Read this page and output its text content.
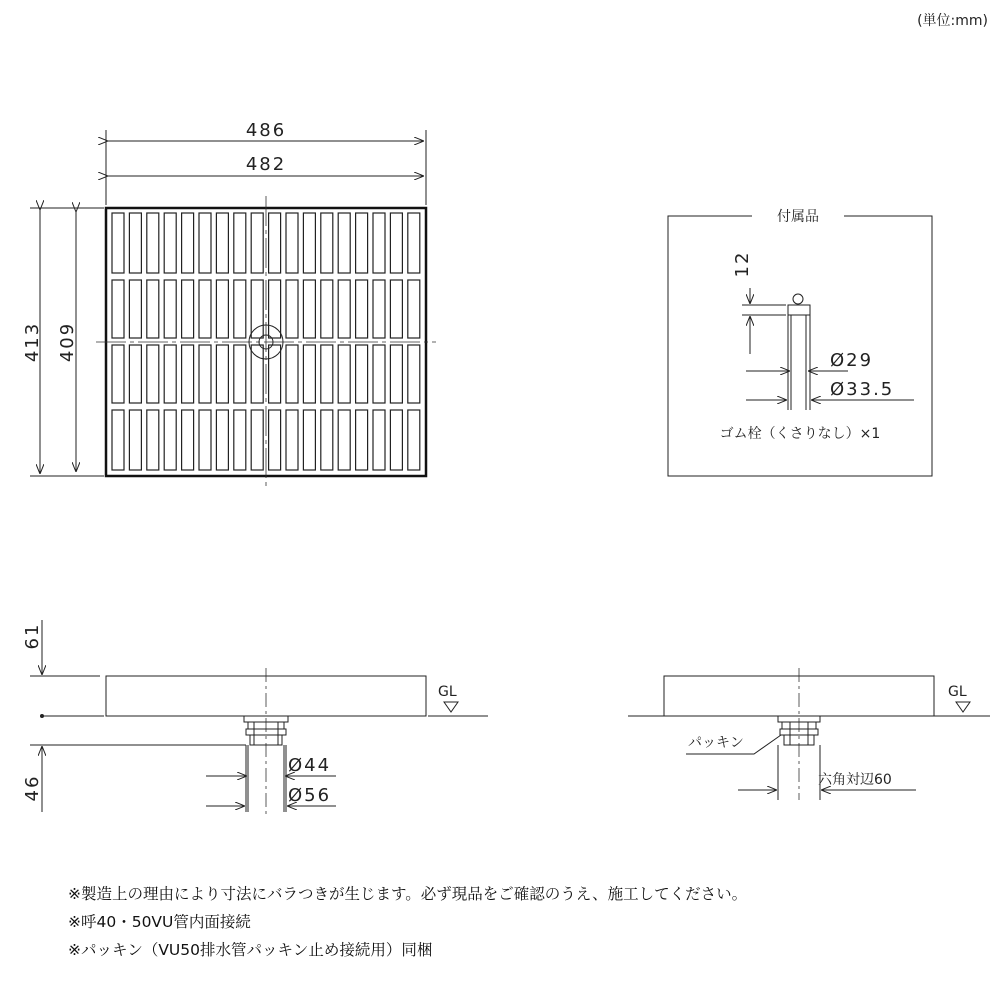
(単位:mm)
486
482
413 409
付属品
12
Ø29
Ø33.5
ゴム栓（くさりなし）×1
61
46
GL
Ø44
Ø56
GL
パッキン
六角対辺60
※製造上の理由により寸法にバラつきが生じます。必ず現品をご確認のうえ、施工してください。
※呼40・50VU管内面接続
※パッキン（VU50排水管パッキン止め接続用）同梱
